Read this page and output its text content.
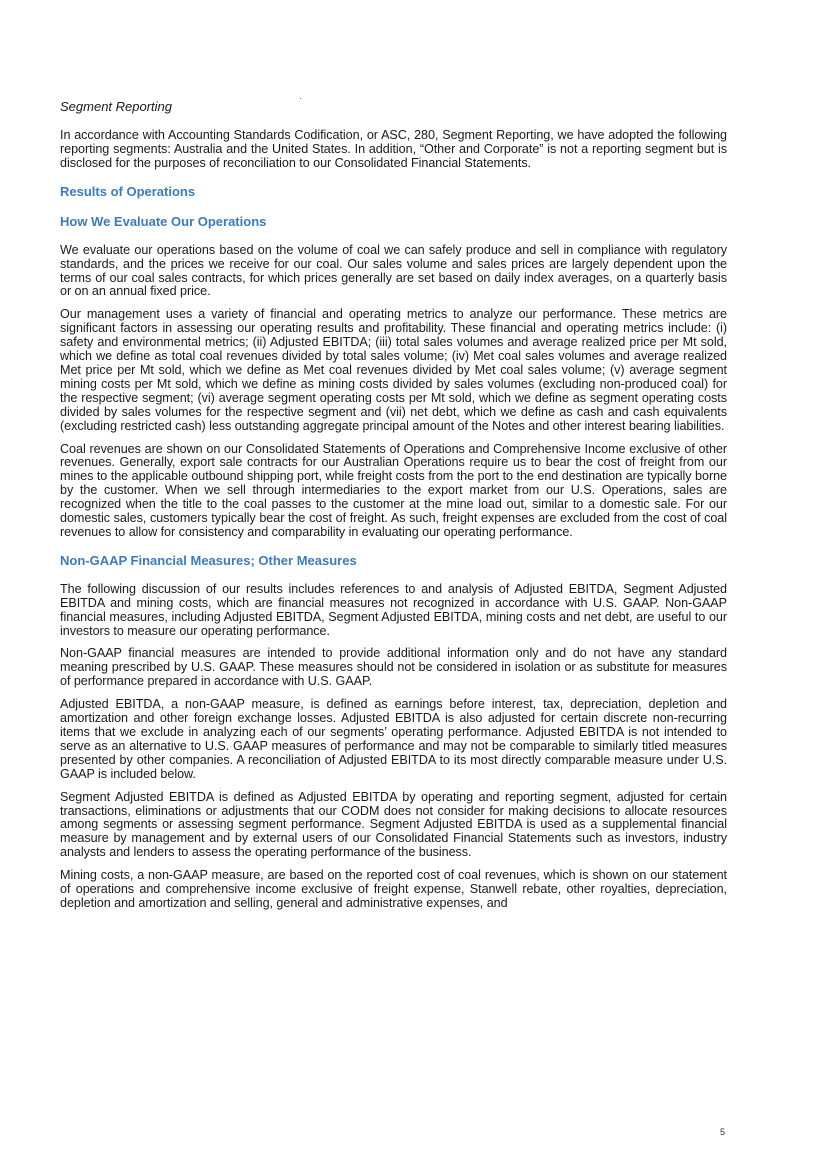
Segment Reporting

In accordance with Accounting Standards Codification, or ASC, 280, Segment Reporting, we have adopted the following reporting segments: Australia and the United States. In addition, “Other and Corporate” is not a reporting segment but is disclosed for the purposes of reconciliation to our Consolidated Financial Statements.

Results of Operations
How We Evaluate Our Operations

We evaluate our operations based on the volume of coal we can safely produce and sell in compliance with regulatory standards, and the prices we receive for our coal. Our sales volume and sales prices are largely dependent upon the terms of our coal sales contracts, for which prices generally are set based on daily index averages, on a quarterly basis or on an annual fixed price.

Our management uses a variety of financial and operating metrics to analyze our performance. These metrics are significant factors in assessing our operating results and profitability. These financial and operating metrics include: (i) safety and environmental metrics; (ii) Adjusted EBITDA; (iii) total sales volumes and average realized price per Mt sold, which we define as total coal revenues divided by total sales volume; (iv) Met coal sales volumes and average realized Met price per Mt sold, which we define as Met coal revenues divided by Met coal sales volume; (v) average segment mining costs per Mt sold, which we define as mining costs divided by sales volumes (excluding non-produced coal) for the respective segment; (vi) average segment operating costs per Mt sold, which we define as segment operating costs divided by sales volumes for the respective segment and (vii) net debt, which we define as cash and cash equivalents (excluding restricted cash) less outstanding aggregate principal amount of the Notes and other interest bearing liabilities.

Coal revenues are shown on our Consolidated Statements of Operations and Comprehensive Income exclusive of other revenues. Generally, export sale contracts for our Australian Operations require us to bear the cost of freight from our mines to the applicable outbound shipping port, while freight costs from the port to the end destination are typically borne by the customer. When we sell through intermediaries to the export market from our U.S. Operations, sales are recognized when the title to the coal passes to the customer at the mine load out, similar to a domestic sale. For our domestic sales, customers typically bear the cost of freight. As such, freight expenses are excluded from the cost of coal revenues to allow for consistency and comparability in evaluating our operating performance.

Non-GAAP Financial Measures; Other Measures

The following discussion of our results includes references to and analysis of Adjusted EBITDA, Segment Adjusted EBITDA and mining costs, which are financial measures not recognized in accordance with U.S. GAAP. Non-GAAP financial measures, including Adjusted EBITDA, Segment Adjusted EBITDA, mining costs and net debt, are useful to our investors to measure our operating performance.

Non-GAAP financial measures are intended to provide additional information only and do not have any standard meaning prescribed by U.S. GAAP. These measures should not be considered in isolation or as substitute for measures of performance prepared in accordance with U.S. GAAP.

Adjusted EBITDA, a non-GAAP measure, is defined as earnings before interest, tax, depreciation, depletion and amortization and other foreign exchange losses. Adjusted EBITDA is also adjusted for certain discrete non-recurring items that we exclude in analyzing each of our segments’ operating performance. Adjusted EBITDA is not intended to serve as an alternative to U.S. GAAP measures of performance and may not be comparable to similarly titled measures presented by other companies. A reconciliation of Adjusted EBITDA to its most directly comparable measure under U.S. GAAP is included below.

Segment Adjusted EBITDA is defined as Adjusted EBITDA by operating and reporting segment, adjusted for certain transactions, eliminations or adjustments that our CODM does not consider for making decisions to allocate resources among segments or assessing segment performance. Segment Adjusted EBITDA is used as a supplemental financial measure by management and by external users of our Consolidated Financial Statements such as investors, industry analysts and lenders to assess the operating performance of the business.

Mining costs, a non-GAAP measure, are based on the reported cost of coal revenues, which is shown on our statement of operations and comprehensive income exclusive of freight expense, Stanwell rebate, other royalties, depreciation, depletion and amortization and selling, general and administrative expenses, and

5
